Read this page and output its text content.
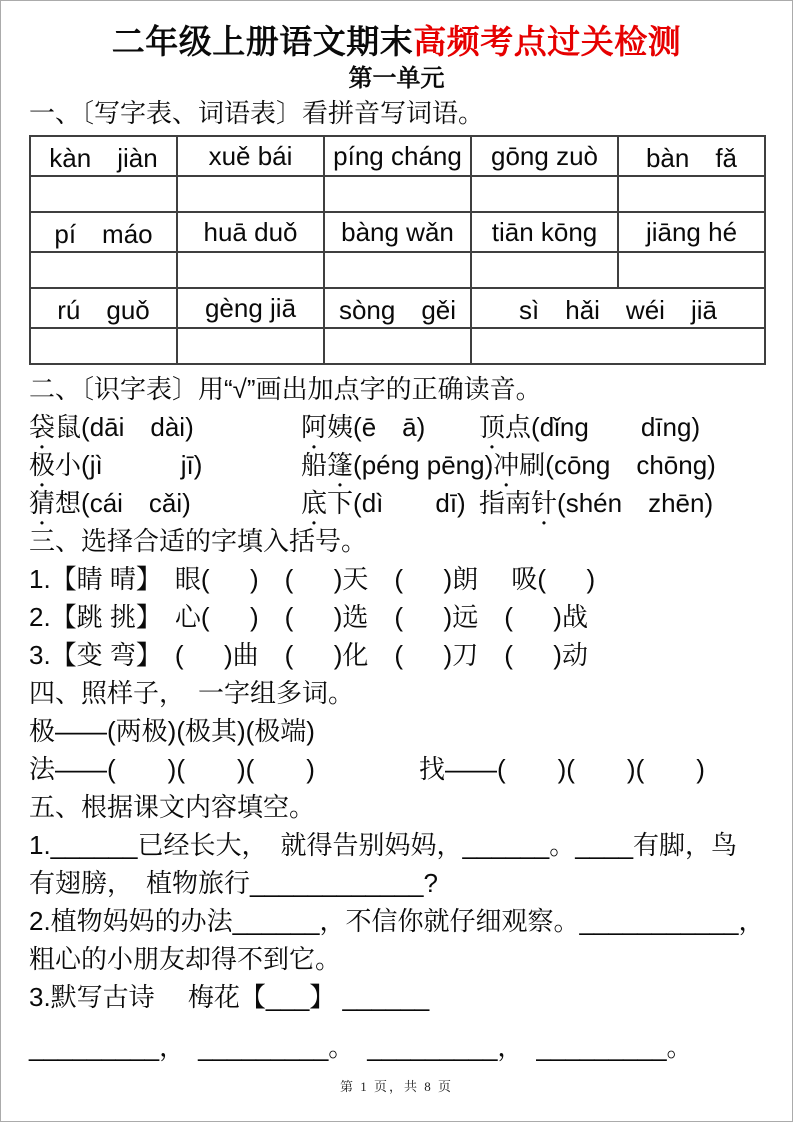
二年级上册语文期末高频考点过关检测
第一单元
一、〔写字表、词语表〕看拼音写词语。
kàn　jiàn	xuě bái	píng cháng	gōng zuò	bàn　fǎ

pí　máo	huā duǒ	bàng wǎn	tiān kōng	jiāng hé

rú　guǒ	gèng jiā	sòng　gěi	sì　hǎi　wéi　jiā	

二、〔识字表〕用“√”画出加点字的正确读音。
袋鼠(dāi　dài)	阿姨(ē　ā)	顶点(dǐng　　dīng)
极小(jì　　　jī)	船篷(péng pēng) 冲刷(cōng　chōng)
猜想(cái　cǎi)	底下(dì　　dī) 指南针(shén　zhēn)
三、选择合适的字填入括号。
1.【睛 晴】　眼( 　 )　( 　 )天　( 　 )朗　 吸( 　 )
2.【跳 挑】　心( 　 )　( 　 )选　( 　 )远　( 　 )战
3.【变 弯】　( 　 )曲　( 　 )化　( 　 )刀　( 　 )动
四、照样子，　一字组多词。
极——(两极)(极其)(极端)
法——(　　)(　　)(　　)　　　　找——(　　)(　　)(　　)
五、根据课文内容填空。
1.______已经长大，　就得告别妈妈，______。____有脚，鸟
有翅膀，　植物旅行____________?
2.植物妈妈的办法______，不信你就仔细观察。___________，
粗心的小朋友却得不到它。
3.默写古诗　 梅花【___】 ______
_________，　_________。　_________，　_________。
第 1 页，共 8 页
